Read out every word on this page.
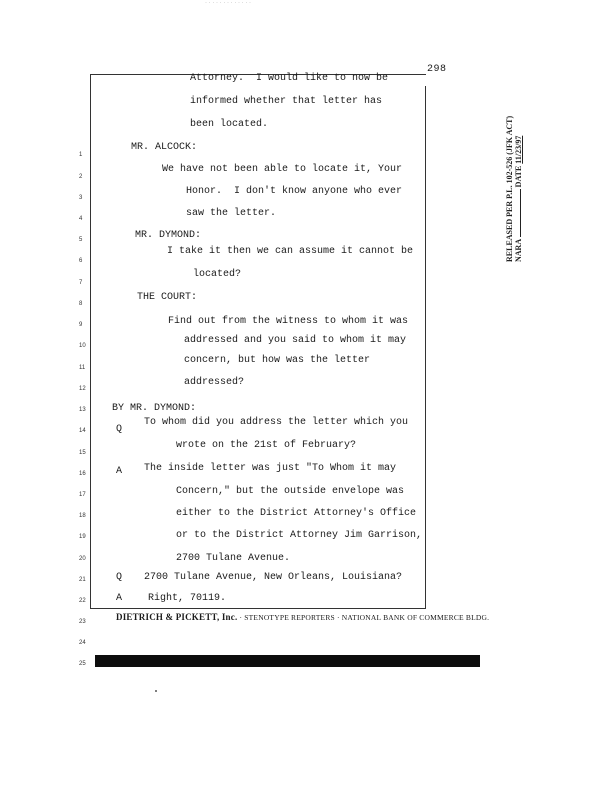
· · · · · · · · · · · · ·
298
1
2
3
4
5
6
7
8
9
10
11
12
13
14
15
16
17
18
19
20
21
22
23
24
25
Attorney.  I would like to now be
informed whether that letter has
been located.
MR. ALCOCK:
We have not been able to locate it, Your
Honor.  I don't know anyone who ever
saw the letter.
MR. DYMOND:
I take it then we can assume it cannot be
located?
THE COURT:
Find out from the witness to whom it was
addressed and you said to whom it may
concern, but how was the letter
addressed?
BY MR. DYMOND:
Q
To whom did you address the letter which you
wrote on the 21st of February?
A The inside letter was just "To Whom it may
Concern," but the outside envelope was
either to the District Attorney's Office
or to the District Attorney Jim Garrison,
2700 Tulane Avenue.
Q 2700 Tulane Avenue, New Orleans, Louisiana?
A	Right, 70119.
DIETRICH & PICKETT, Inc. · STENOTYPE REPORTERS · NATIONAL BANK OF COMMERCE BLDG.
RELEASED PER P.L. 102-526 (JFK ACT) NARA  DATE 11/23/97
